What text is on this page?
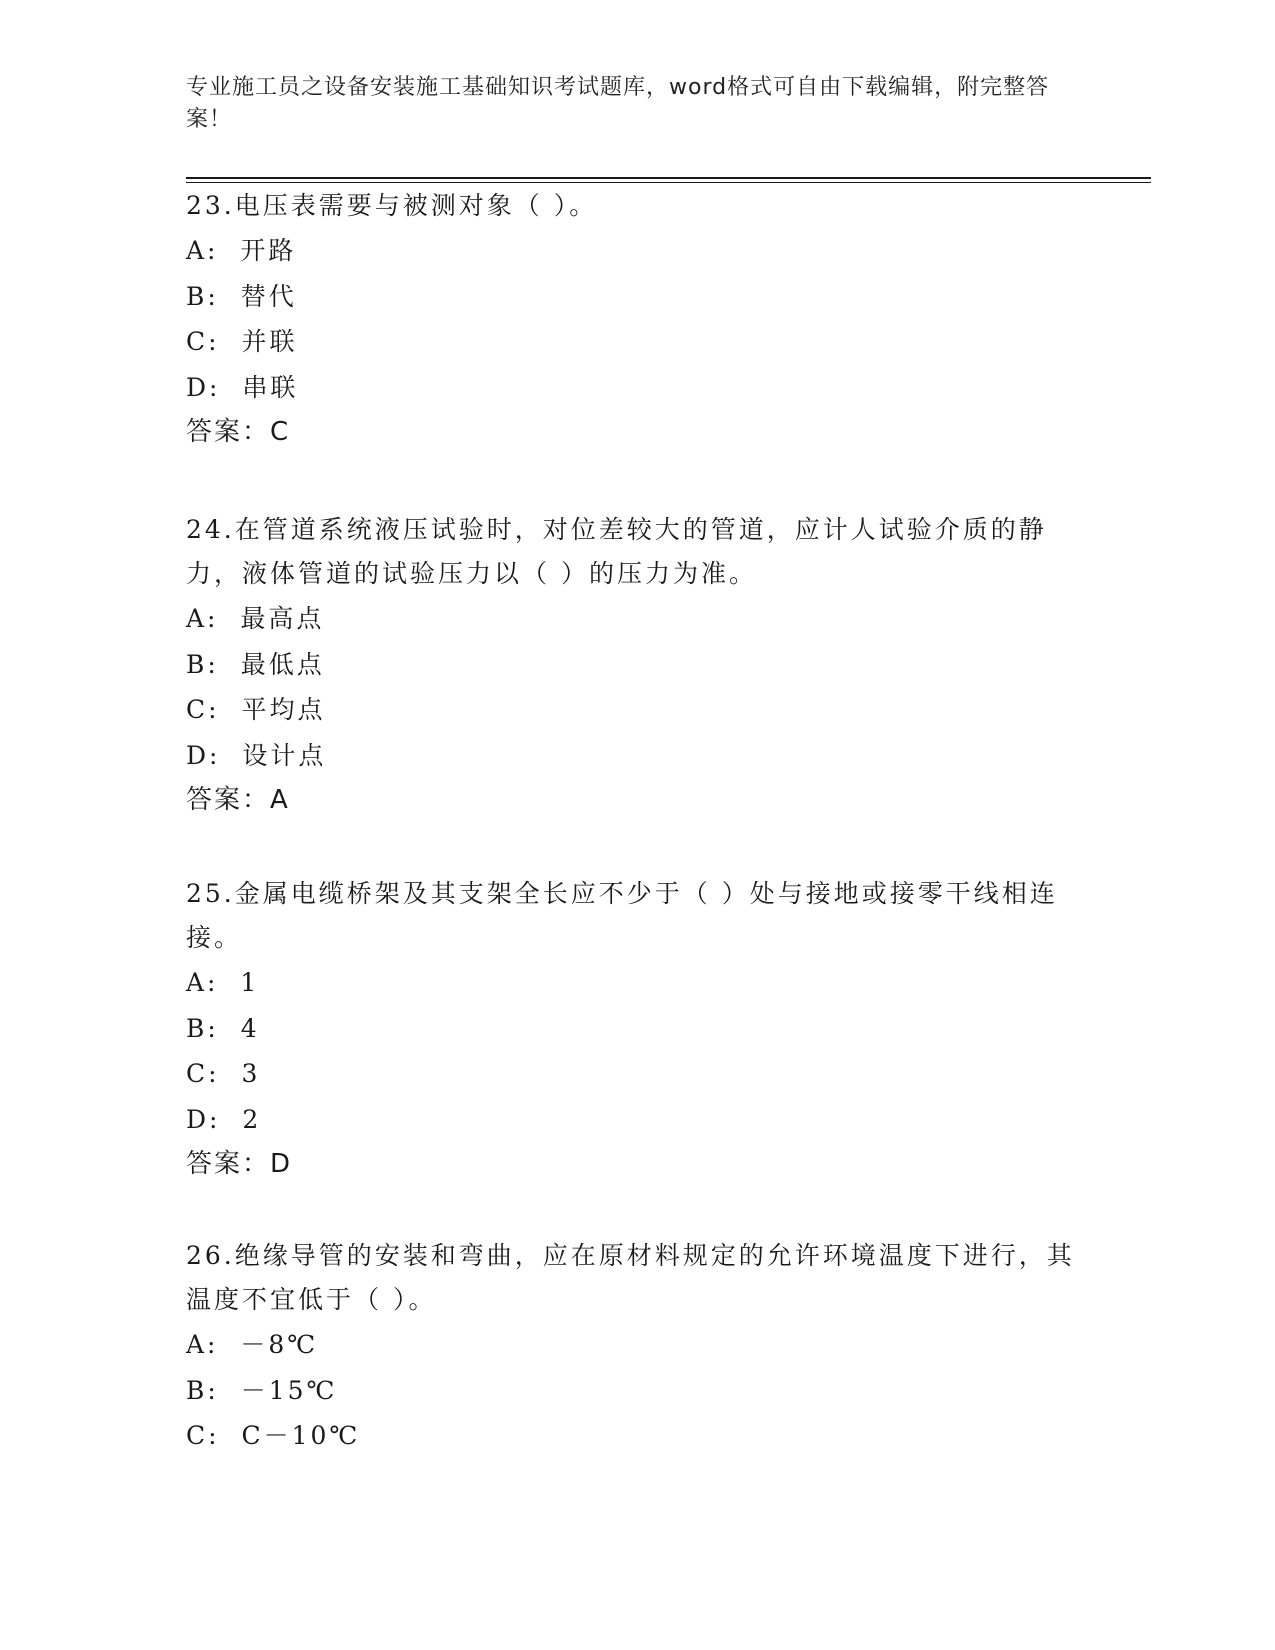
专业施工员之设备安装施工基础知识考试题库，word格式可自由下载编辑，附完整答案！

23.电压表需要与被测对象（ ）。

A:  开路

B:  替代

C:  并联

D:  串联

答案：C

24.在管道系统液压试验时，对位差较大的管道，应计人试验介质的静力，液体管道的试验压力以（ ）的压力为准。

A:  最高点

B:  最低点

C:  平均点

D:  设计点

答案：A

25.金属电缆桥架及其支架全长应不少于（ ）处与接地或接零干线相连接。

A:  1

B:  4

C:  3

D:  2

答案：D

26.绝缘导管的安装和弯曲，应在原材料规定的允许环境温度下进行，其温度不宜低于（ ）。

A:  －8℃

B:  －15℃

C:  C－10℃
